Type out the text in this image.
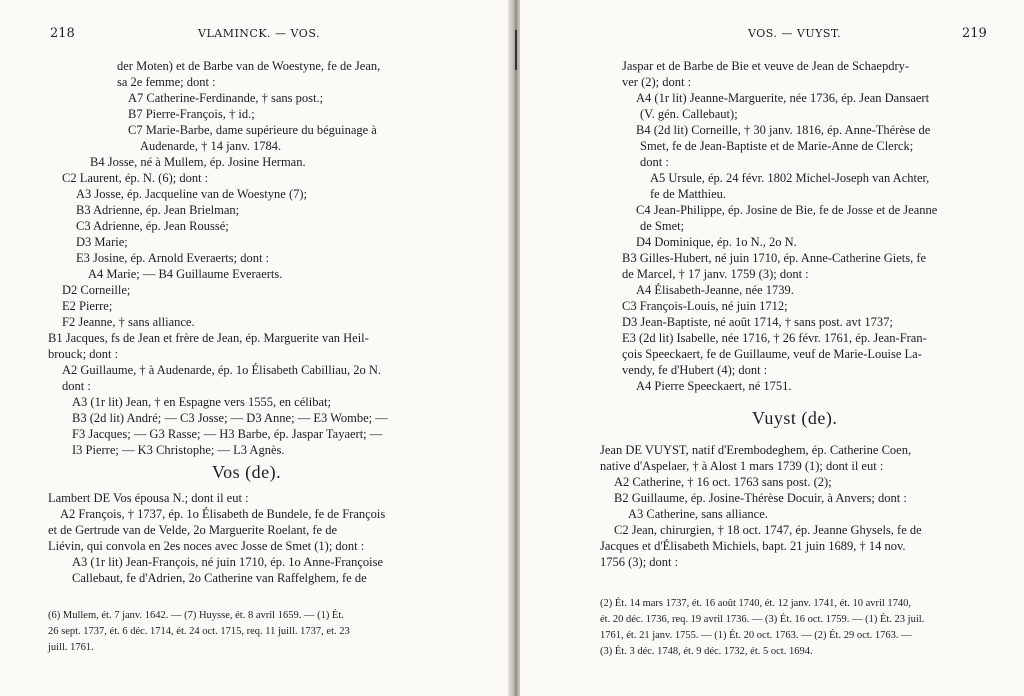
218	VLAMINCK. — VOS.
der Moten) et de Barbe van de Woestyne, fe de Jean,
sa 2e femme; dont :
A7 Catherine-Ferdinande, † sans post.;
B7 Pierre-François, † id.;
C7 Marie-Barbe, dame supérieure du béguinage à
Audenarde, † 14 janv. 1784.
B4 Josse, né à Mullem, ép. Josine Herman.
C2 Laurent, ép. N. (6); dont :
A3 Josse, ép. Jacqueline van de Woestyne (7);
B3 Adrienne, ép. Jean Brielman;
C3 Adrienne, ép. Jean Roussé;
D3 Marie;
E3 Josine, ép. Arnold Everaerts; dont :
A4 Marie; — B4 Guillaume Everaerts.
D2 Corneille;
E2 Pierre;
F2 Jeanne, † sans alliance.
B1 Jacques, fs de Jean et frère de Jean, ép. Marguerite van Heil-
brouck; dont :
A2 Guillaume, † à Audenarde, ép. 1o Élisabeth Cabilliau, 2o N.
dont :
A3 (1r lit) Jean, † en Espagne vers 1555, en célibat;
B3 (2d lit) André; — C3 Josse; — D3 Anne; — E3 Wombe; —
F3 Jacques; — G3 Rasse; — H3 Barbe, ép. Jaspar Tayaert; —
I3 Pierre; — K3 Christophe; — L3 Agnès.
Vos (de).
Lambert DE Vos épousa N.; dont il eut :
A2 François, † 1737, ép. 1o Élisabeth de Bundele, fe de François
et de Gertrude van de Velde, 2o Marguerite Roelant, fe de
Liévin, qui convola en 2es noces avec Josse de Smet (1); dont :
A3 (1r lit) Jean-François, né juin 1710, ép. 1o Anne-Françoise
Callebaut, fe d'Adrien, 2o Catherine van Raffelghem, fe de
(6) Mullem, ét. 7 janv. 1642. — (7) Huysse, ét. 8 avril 1659. — (1) Ét.
26 sept. 1737, ét. 6 déc. 1714, ét. 24 oct. 1715, req. 11 juill. 1737, et. 23
juill. 1761.
VOS. — VUYST.	219
Jaspar et de Barbe de Bie et veuve de Jean de Schaepdry-
ver (2); dont :
A4 (1r lit) Jeanne-Marguerite, née 1736, ép. Jean Dansaert
(V. gén. Callebaut);
B4 (2d lit) Corneille, † 30 janv. 1816, ép. Anne-Thérèse de
Smet, fe de Jean-Baptiste et de Marie-Anne de Clerck;
dont :
A5 Ursule, ép. 24 févr. 1802 Michel-Joseph van Achter,
fe de Matthieu.
C4 Jean-Philippe, ép. Josine de Bie, fe de Josse et de Jeanne
de Smet;
D4 Dominique, ép. 1o N., 2o N.
B3 Gilles-Hubert, né juin 1710, ép. Anne-Catherine Giets, fe
de Marcel, † 17 janv. 1759 (3); dont :
A4 Élisabeth-Jeanne, née 1739.
C3 François-Louis, né juin 1712;
D3 Jean-Baptiste, né août 1714, † sans post. avt 1737;
E3 (2d lit) Isabelle, née 1716, † 26 févr. 1761, ép. Jean-Fran-
çois Speeckaert, fe de Guillaume, veuf de Marie-Louise La-
vendy, fe d'Hubert (4); dont :
A4 Pierre Speeckaert, né 1751.
Vuyst (de).
Jean DE VUYST, natif d'Erembodeghem, ép. Catherine Coen,
native d'Aspelaer, † à Alost 1 mars 1739 (1); dont il eut :
A2 Catherine, † 16 oct. 1763 sans post. (2);
B2 Guillaume, ép. Josine-Thérèse Docuir, à Anvers; dont :
A3 Catherine, sans alliance.
C2 Jean, chirurgien, † 18 oct. 1747, ép. Jeanne Ghysels, fe de
Jacques et d'Élisabeth Michiels, bapt. 21 juin 1689, † 14 nov.
1756 (3); dont :
(2) Ét. 14 mars 1737, ét. 16 août 1740, ét. 12 janv. 1741, ét. 10 avril 1740,
ét. 20 déc. 1736, req. 19 avril 1736. — (3) Ét. 16 oct. 1759. — (1) Ét. 23 juil.
1761, ét. 21 janv. 1755. — (1) Ét. 20 oct. 1763. — (2) Ét. 29 oct. 1763. —
(3) Ét. 3 déc. 1748, ét. 9 déc. 1732, ét. 5 oct. 1694.
